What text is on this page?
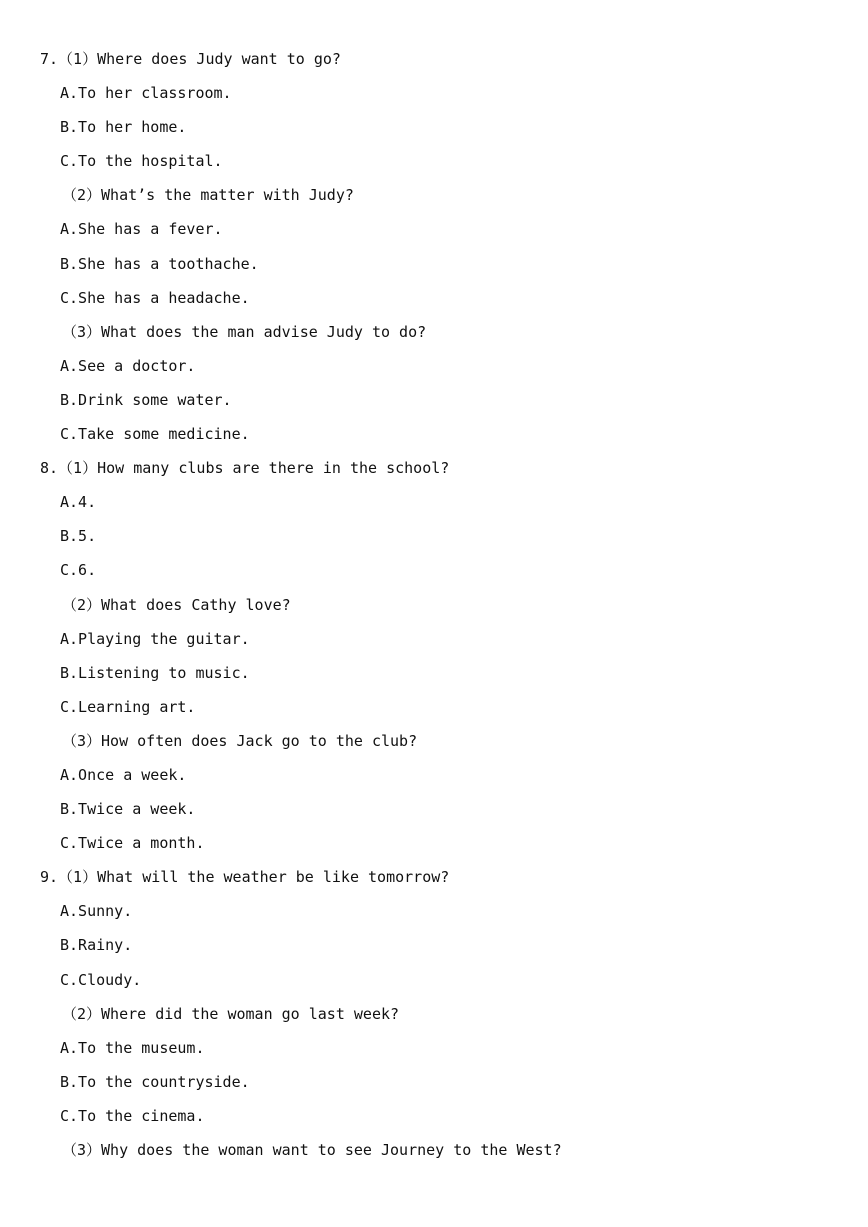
7.（1）Where does Judy want to go?
A.To her classroom.
B.To her home.
C.To the hospital.
（2）What’s the matter with Judy?
A.She has a fever.
B.She has a toothache.
C.She has a headache.
（3）What does the man advise Judy to do?
A.See a doctor.
B.Drink some water.
C.Take some medicine.
8.（1）How many clubs are there in the school?
A.4.
B.5.
C.6.
（2）What does Cathy love?
A.Playing the guitar.
B.Listening to music.
C.Learning art.
（3）How often does Jack go to the club?
A.Once a week.
B.Twice a week.
C.Twice a month.
9.（1）What will the weather be like tomorrow?
A.Sunny.
B.Rainy.
C.Cloudy.
（2）Where did the woman go last week?
A.To the museum.
B.To the countryside.
C.To the cinema.
（3）Why does the woman want to see Journey to the West?
